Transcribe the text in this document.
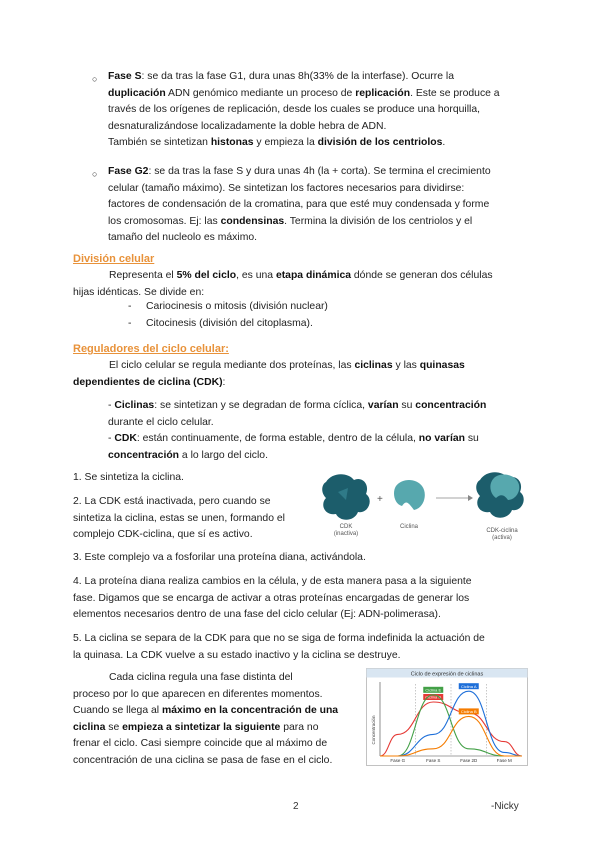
○ Fase S: se da tras la fase G1, dura unas 8h(33% de la interfase). Ocurre la
duplicación ADN genómico mediante un proceso de replicación. Este se produce a
través de los orígenes de replicación, desde los cuales se produce una horquilla,
desnaturalizándose localizadamente la doble hebra de ADN.
También se sintetizan histonas y empieza la división de los centriolos.
○ Fase G2: se da tras la fase S y dura unas 4h (la + corta). Se termina el crecimiento
celular (tamaño máximo). Se sintetizan los factores necesarios para dividirse:
factores de condensación de la cromatina, para que esté muy condensada y forme
los cromosomas. Ej: las condensinas. Termina la división de los centriolos y el
tamaño del nucleolo es máximo.
División celular
Representa el 5% del ciclo, es una etapa dinámica dónde se generan dos células
hijas idénticas. Se divide en:
- Cariocinesis o mitosis (división nuclear)
- Citocinesis (división del citoplasma).
Reguladores del ciclo celular:
El ciclo celular se regula mediante dos proteínas, las ciclinas y las quinasas
dependientes de ciclina (CDK):
- Ciclinas: se sintetizan y se degradan de forma cíclica, varían su concentración
durante el ciclo celular.
- CDK: están continuamente, de forma estable, dentro de la célula, no varían su
concentración a lo largo del ciclo.
1. Se sintetiza la ciclina.
2. La CDK está inactivada, pero cuando se
sintetiza la ciclina, estas se unen, formando el
complejo CDK-ciclina, que sí es activo.
+
CDK
(inactiva)
Ciclina
CDK-ciclina
(activa)
3. Este complejo va a fosforilar una proteína diana, activándola.
4. La proteína diana realiza cambios en la célula, y de esta manera pasa a la siguiente
fase. Digamos que se encarga de activar a otras proteínas encargadas de generar los
elementos necesarios dentro de una fase del ciclo celular (Ej: ADN-polimerasa).
5. La ciclina se separa de la CDK para que no se siga de forma indefinida la actuación de
la quinasa. La CDK vuelve a su estado inactivo y la ciclina se destruye.
Cada ciclina regula una fase distinta del
proceso por lo que aparecen en diferentes momentos.
Cuando se llega al máximo en la concentración de una
ciclina se empieza a sintetizar la siguiente para no
frenar el ciclo. Casi siempre coincide que al máximo de
concentración de una ciclina se pasa de fase en el ciclo.
Ciclo de expresión de ciclinas
Concentración
Fase G	Fase S	Fase 2D	Fase M
Ciclina D
Ciclina E
Ciclina A
Ciclina B
2	-Nicky
